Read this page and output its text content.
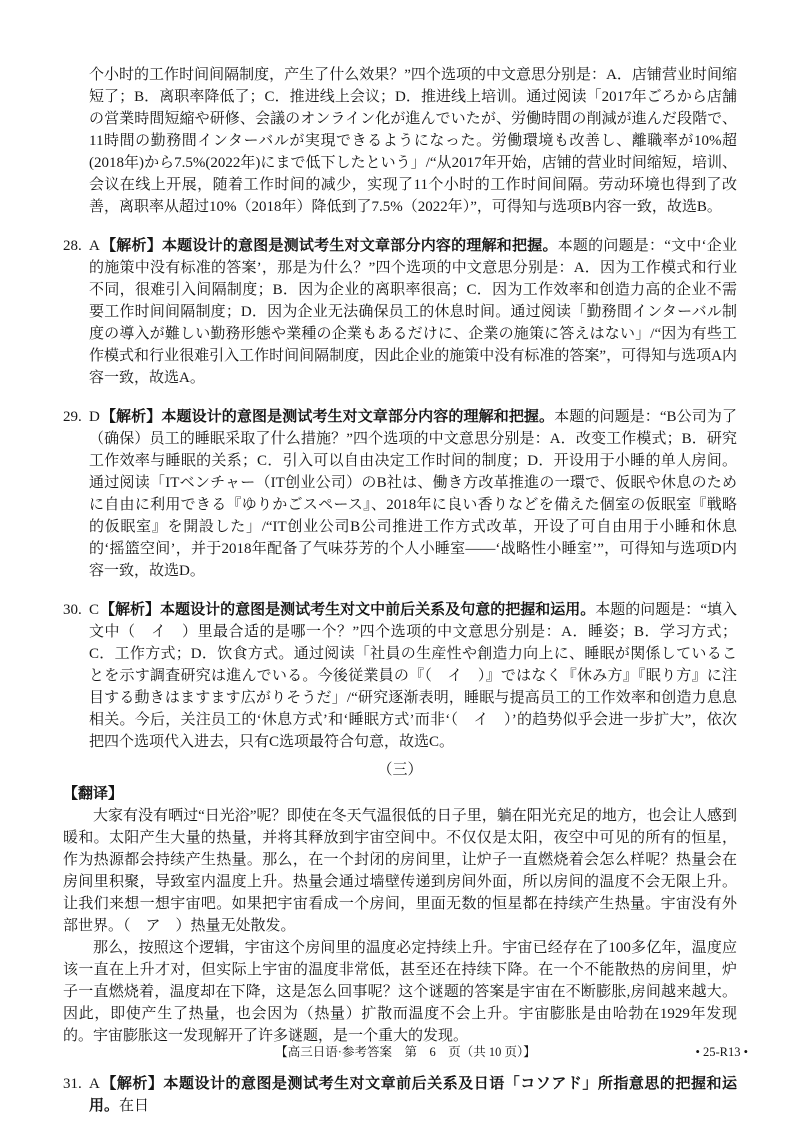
个小时的工作时间间隔制度，产生了什么效果？”四个选项的中文意思分别是：A．店铺营业时间缩短了；B．离职率降低了；C．推进线上会议；D．推进线上培训。通过阅读「2017年ごろから店舗の営業時間短縮や研修、会議のオンライン化が進んでいたが、労働時間の削減が進んだ段階で、11時間の勤務間インターバルが実現できるようになった。労働環境も改善し、離職率が10%超(2018年)から7.5%(2022年)にまで低下したという」/“从2017年开始，店铺的营业时间缩短，培训、会议在线上开展，随着工作时间的减少，实现了11个小时的工作时间间隔。劳动环境也得到了改善，离职率从超过10%（2018年）降低到了7.5%（2022年）”，可得知与选项B内容一致，故选B。

28. A【解析】本题设计的意图是测试考生对文章部分内容的理解和把握。本题的问题是：“文中‘企业的施策中没有标准的答案’，那是为什么？”四个选项的中文意思分别是：A．因为工作模式和行业不同，很难引入间隔制度；B．因为企业的离职率很高；C．因为工作效率和创造力高的企业不需要工作时间间隔制度；D．因为企业无法确保员工的休息时间。通过阅读「勤務間インターバル制度の導入が難しい勤務形態や業種の企業もあるだけに、企業の施策に答えはない」/“因为有些工作模式和行业很难引入工作时间间隔制度，因此企业的施策中没有标准的答案”，可得知与选项A内容一致，故选A。
29. D【解析】本题设计的意图是测试考生对文章部分内容的理解和把握。本题的问题是：“B公司为了（确保）员工的睡眠采取了什么措施？”四个选项的中文意思分别是：A．改变工作模式；B．研究工作效率与睡眠的关系；C．引入可以自由决定工作时间的制度；D．开设用于小睡的单人房间。通过阅读「ITベンチャー（IT创业公司）のB社は、働き方改革推進の一環で、仮眠や休息のために自由に利用できる『ゆりかごスペース』、2018年に良い香りなどを備えた個室の仮眠室『戦略的仮眠室』を開設した」/“IT创业公司B公司推进工作方式改革，开设了可自由用于小睡和休息的‘摇篮空间’，并于2018年配备了气味芬芳的个人小睡室——‘战略性小睡室’”，可得知与选项D内容一致，故选D。
30. C【解析】本题设计的意图是测试考生对文中前后关系及句意的把握和运用。本题的问题是：“填入文中（　イ　）里最合适的是哪一个？”四个选项的中文意思分别是：A．睡姿；B．学习方式；C．工作方式；D．饮食方式。通过阅读「社員の生産性や創造力向上に、睡眠が関係していることを示す調査研究は進んでいる。今後従業員の『（　イ　）』ではなく『休み方』『眠り方』に注目する動きはますます広がりそうだ」/“研究逐渐表明，睡眠与提高员工的工作效率和创造力息息相关。今后，关注员工的‘休息方式’和‘睡眠方式’而非‘（　イ　）’的趋势似乎会进一步扩大”，依次把四个选项代入进去，只有C选项最符合句意，故选C。
（三）

【翻译】

大家有没有晒过“日光浴”呢？即使在冬天气温很低的日子里，躺在阳光充足的地方，也会让人感到暖和。太阳产生大量的热量，并将其释放到宇宙空间中。不仅仅是太阳，夜空中可见的所有的恒星，作为热源都会持续产生热量。那么，在一个封闭的房间里，让炉子一直燃烧着会怎么样呢？热量会在房间里积聚，导致室内温度上升。热量会通过墙壁传递到房间外面，所以房间的温度不会无限上升。让我们来想一想宇宙吧。如果把宇宙看成一个房间，里面无数的恒星都在持续产生热量。宇宙没有外部世界。（　ア　）热量无处散发。

那么，按照这个逻辑，宇宙这个房间里的温度必定持续上升。宇宙已经存在了100多亿年，温度应该一直在上升才对，但实际上宇宙的温度非常低，甚至还在持续下降。在一个不能散热的房间里，炉子一直燃烧着，温度却在下降，这是怎么回事呢？这个谜题的答案是宇宙在不断膨胀,房间越来越大。因此，即使产生了热量，也会因为（热量）扩散而温度不会上升。宇宙膨胀是由哈勃在1929年发现的。宇宙膨胀这一发现解开了许多谜题，是一个重大的发现。

31. A【解析】本题设计的意图是测试考生对文章前后关系及日语「コソアド」所指意思的把握和运用。在日
【高三日语·参考答案　第　6　页（共 10 页）】	• 25-R13 •
